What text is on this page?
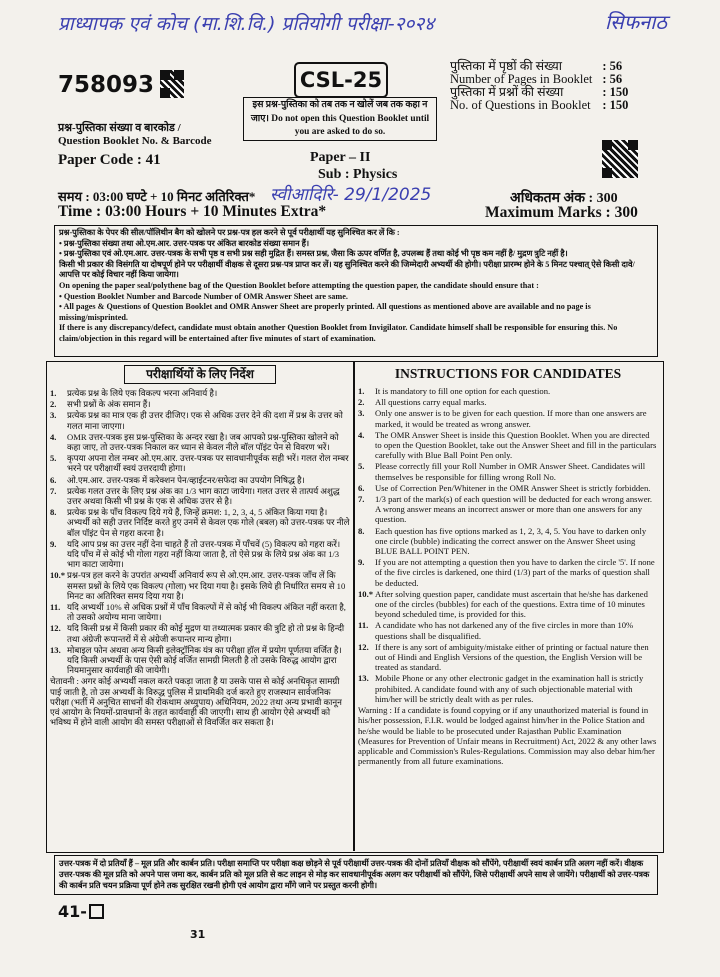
प्राध्यापक एवं कोच (मा.शि.वि.) प्रतियोगी परीक्षा-२०२४	सिफनाठ
758093
प्रश्न-पुस्तिका संख्या व बारकोड /
Question Booklet No. & Barcode
Paper Code : 41
CSL-25
इस प्रश्न-पुस्तिका को तब तक न खोलें जब तक कहा न जाए। Do not open this Question Booklet until you are asked to do so.
Paper – II
Sub : Physics
पुस्तिका में पृष्ठों की संख्या	: 56
Number of Pages in Booklet	: 56
पुस्तिका में प्रश्नों की संख्या	: 150
No. of Questions in Booklet	: 150
समय : 03:00 घण्टे + 10 मिनट अतिरिक्त* स्वीआदिरि- 29/1/2025
Time : 03:00 Hours + 10 Minutes Extra*
अधिकतम अंक : 300
Maximum Marks : 300
प्रश्न-पुस्तिका के पेपर की सील/पॉलिथीन बैग को खोलने पर प्रश्न-पत्र हल करने से पूर्व परीक्षार्थी यह सुनिश्चित कर लें कि :
• प्रश्न-पुस्तिका संख्या तथा ओ.एम.आर. उत्तर-पत्रक पर अंकित बारकोड संख्या समान हैं।
• प्रश्न-पुस्तिका एवं ओ.एम.आर. उत्तर-पत्रक के सभी पृष्ठ व सभी प्रश्न सही मुद्रित हैं। समस्त प्रश्न, जैसा कि ऊपर वर्णित है, उपलब्ध हैं तथा कोई भी पृष्ठ कम नहीं है/ मुद्रण त्रुटि नहीं है।
किसी भी प्रकार की विसंगति या दोषपूर्ण होने पर परीक्षार्थी वीक्षक से दूसरा प्रश्न-पत्र प्राप्त कर लें। यह सुनिश्चित करने की जिम्मेदारी अभ्यर्थी की होगी। परीक्षा प्रारम्भ होने के 5 मिनट पश्चात् ऐसे किसी दावे/आपत्ति पर कोई विचार नहीं किया जायेगा।
On opening the paper seal/polythene bag of the Question Booklet before attempting the question paper, the candidate should ensure that :
• Question Booklet Number and Barcode Number of OMR Answer Sheet are same.
• All pages & Questions of Question Booklet and OMR Answer Sheet are properly printed. All questions as mentioned above are available and no page is missing/misprinted.
If there is any discrepancy/defect, candidate must obtain another Question Booklet from Invigilator. Candidate himself shall be responsible for ensuring this. No claim/objection in this regard will be entertained after five minutes of start of examination.
परीक्षार्थियों के लिए निर्देश
1.	प्रत्येक प्रश्न के लिये एक विकल्प भरना अनिवार्य है।
2.	सभी प्रश्नों के अंक समान हैं।
3.	प्रत्येक प्रश्न का मात्र एक ही उत्तर दीजिए। एक से अधिक उत्तर देने की दशा में प्रश्न के उत्तर को गलत माना जाएगा।
4.	OMR उत्तर-पत्रक इस प्रश्न-पुस्तिका के अन्दर रखा है। जब आपको प्रश्न-पुस्तिका खोलने को कहा जाए, तो उत्तर-पत्रक निकाल कर ध्यान से केवल नीले बॉल पॉइंट पेन से विवरण भरें।
5.	कृपया अपना रोल नम्बर ओ.एम.आर. उत्तर-पत्रक पर सावधानीपूर्वक सही भरें। गलत रोल नम्बर भरने पर परीक्षार्थी स्वयं उत्तरदायी होगा।
6.	ओ.एम.आर. उत्तर-पत्रक में करेक्शन पेन/व्हाईटनर/सफेदा का उपयोग निषिद्ध है।
7.	प्रत्येक गलत उत्तर के लिए प्रश्न अंक का 1/3 भाग काटा जायेगा। गलत उत्तर से तात्पर्य अशुद्ध उत्तर अथवा किसी भी प्रश्न के एक से अधिक उत्तर से है।
8.	प्रत्येक प्रश्न के पाँच विकल्प दिये गये हैं, जिन्हें क्रमश: 1, 2, 3, 4, 5 अंकित किया गया है। अभ्यर्थी को सही उत्तर निर्दिष्ट करते हुए उनमें से केवल एक गोले (बबल) को उत्तर-पत्रक पर नीले बॉल पॉइंट पेन से गहरा करना है।
9.	यदि आप प्रश्न का उत्तर नहीं देना चाहते हैं तो उत्तर-पत्रक में पाँचवें (5) विकल्प को गहरा करें। यदि पाँच में से कोई भी गोला गहरा नहीं किया जाता है, तो ऐसे प्रश्न के लिये प्रश्न अंक का 1/3 भाग काटा जायेगा।
10.* प्रश्न-पत्र हल करने के उपरांत अभ्यर्थी अनिवार्य रूप से ओ.एम.आर. उत्तर-पत्रक जाँच लें कि समस्त प्रश्नों के लिये एक विकल्प (गोला) भर दिया गया है। इसके लिये ही निर्धारित समय से 10 मिनट का अतिरिक्त समय दिया गया है।
11. यदि अभ्यर्थी 10% से अधिक प्रश्नों में पाँच विकल्पों में से कोई भी विकल्प अंकित नहीं करता है, तो उसको अयोग्य माना जायेगा।
12. यदि किसी प्रश्न में किसी प्रकार की कोई मुद्रण या तथ्यात्मक प्रकार की त्रुटि हो तो प्रश्न के हिन्दी तथा अंग्रेजी रूपान्तरों में से अंग्रेजी रूपान्तर मान्य होगा।
13. मोबाइल फोन अथवा अन्य किसी इलेक्ट्रॉनिक यंत्र का परीक्षा हॉल में प्रयोग पूर्णतया वर्जित है। यदि किसी अभ्यर्थी के पास ऐसी कोई वर्जित सामग्री मिलती है तो उसके विरुद्ध आयोग द्वारा नियमानुसार कार्यवाही की जायेगी।
चेतावनी : अगर कोई अभ्यर्थी नकल करते पकड़ा जाता है या उसके पास से कोई अनधिकृत सामग्री पाई जाती है, तो उस अभ्यर्थी के विरुद्ध पुलिस में प्राथमिकी दर्ज करते हुए राजस्थान सार्वजनिक परीक्षा (भर्ती में अनुचित साधनों की रोकथाम अध्युपाय) अधिनियम, 2022 तथा अन्य प्रभावी कानून एवं आयोग के नियमों-प्रावधानों के तहत कार्यवाही की जाएगी। साथ ही आयोग ऐसे अभ्यर्थी को भविष्य में होने वाली आयोग की समस्त परीक्षाओं से विवर्जित कर सकता है।
INSTRUCTIONS FOR CANDIDATES
1.	It is mandatory to fill one option for each question.
2.	All questions carry equal marks.
3.	Only one answer is to be given for each question. If more than one answers are marked, it would be treated as wrong answer.
4.	The OMR Answer Sheet is inside this Question Booklet. When you are directed to open the Question Booklet, take out the Answer Sheet and fill in the particulars carefully with Blue Ball Point Pen only.
5.	Please correctly fill your Roll Number in OMR Answer Sheet. Candidates will themselves be responsible for filling wrong Roll No.
6.	Use of Correction Pen/Whitener in the OMR Answer Sheet is strictly forbidden.
7.	1/3 part of the mark(s) of each question will be deducted for each wrong answer. A wrong answer means an incorrect answer or more than one answers for any question.
8.	Each question has five options marked as 1, 2, 3, 4, 5. You have to darken only one circle (bubble) indicating the correct answer on the Answer Sheet using BLUE BALL POINT PEN.
9.	If you are not attempting a question then you have to darken the circle '5'. If none of the five circles is darkened, one third (1/3) part of the marks of question shall be deducted.
10.* After solving question paper, candidate must ascertain that he/she has darkened one of the circles (bubbles) for each of the questions. Extra time of 10 minutes beyond scheduled time, is provided for this.
11. A candidate who has not darkened any of the five circles in more than 10% questions shall be disqualified.
12. If there is any sort of ambiguity/mistake either of printing or factual nature then out of Hindi and English Versions of the question, the English Version will be treated as standard.
13. Mobile Phone or any other electronic gadget in the examination hall is strictly prohibited. A candidate found with any of such objectionable material with him/her will be strictly dealt with as per rules.
Warning : If a candidate is found copying or if any unauthorized material is found in his/her possession, F.I.R. would be lodged against him/her in the Police Station and he/she would be liable to be prosecuted under Rajasthan Public Examination (Measures for Prevention of Unfair means in Recruitment) Act, 2022 & any other laws applicable and Commission's Rules-Regulations. Commission may also debar him/her permanently from all future examinations.
उत्तर-पत्रक में दो प्रतियाँ हैं – मूल प्रति और कार्बन प्रति। परीक्षा समाप्ति पर परीक्षा कक्ष छोड़ने से पूर्व परीक्षार्थी उत्तर-पत्रक की दोनों प्रतियाँ वीक्षक को सौंपेंगे, परीक्षार्थी स्वयं कार्बन प्रति अलग नहीं करें। वीक्षक उत्तर-पत्रक की मूल प्रति को अपने पास जमा कर, कार्बन प्रति को मूल प्रति से कट लाइन से मोड़ कर सावधानीपूर्वक अलग कर परीक्षार्थी को सौंपेंगे, जिसे परीक्षार्थी अपने साथ ले जायेंगे। परीक्षार्थी को उत्तर-पत्रक की कार्बन प्रति चयन प्रक्रिया पूर्ण होने तक सुरक्षित रखनी होगी एवं आयोग द्वारा माँगे जाने पर प्रस्तुत करनी होगी।
41-
31
